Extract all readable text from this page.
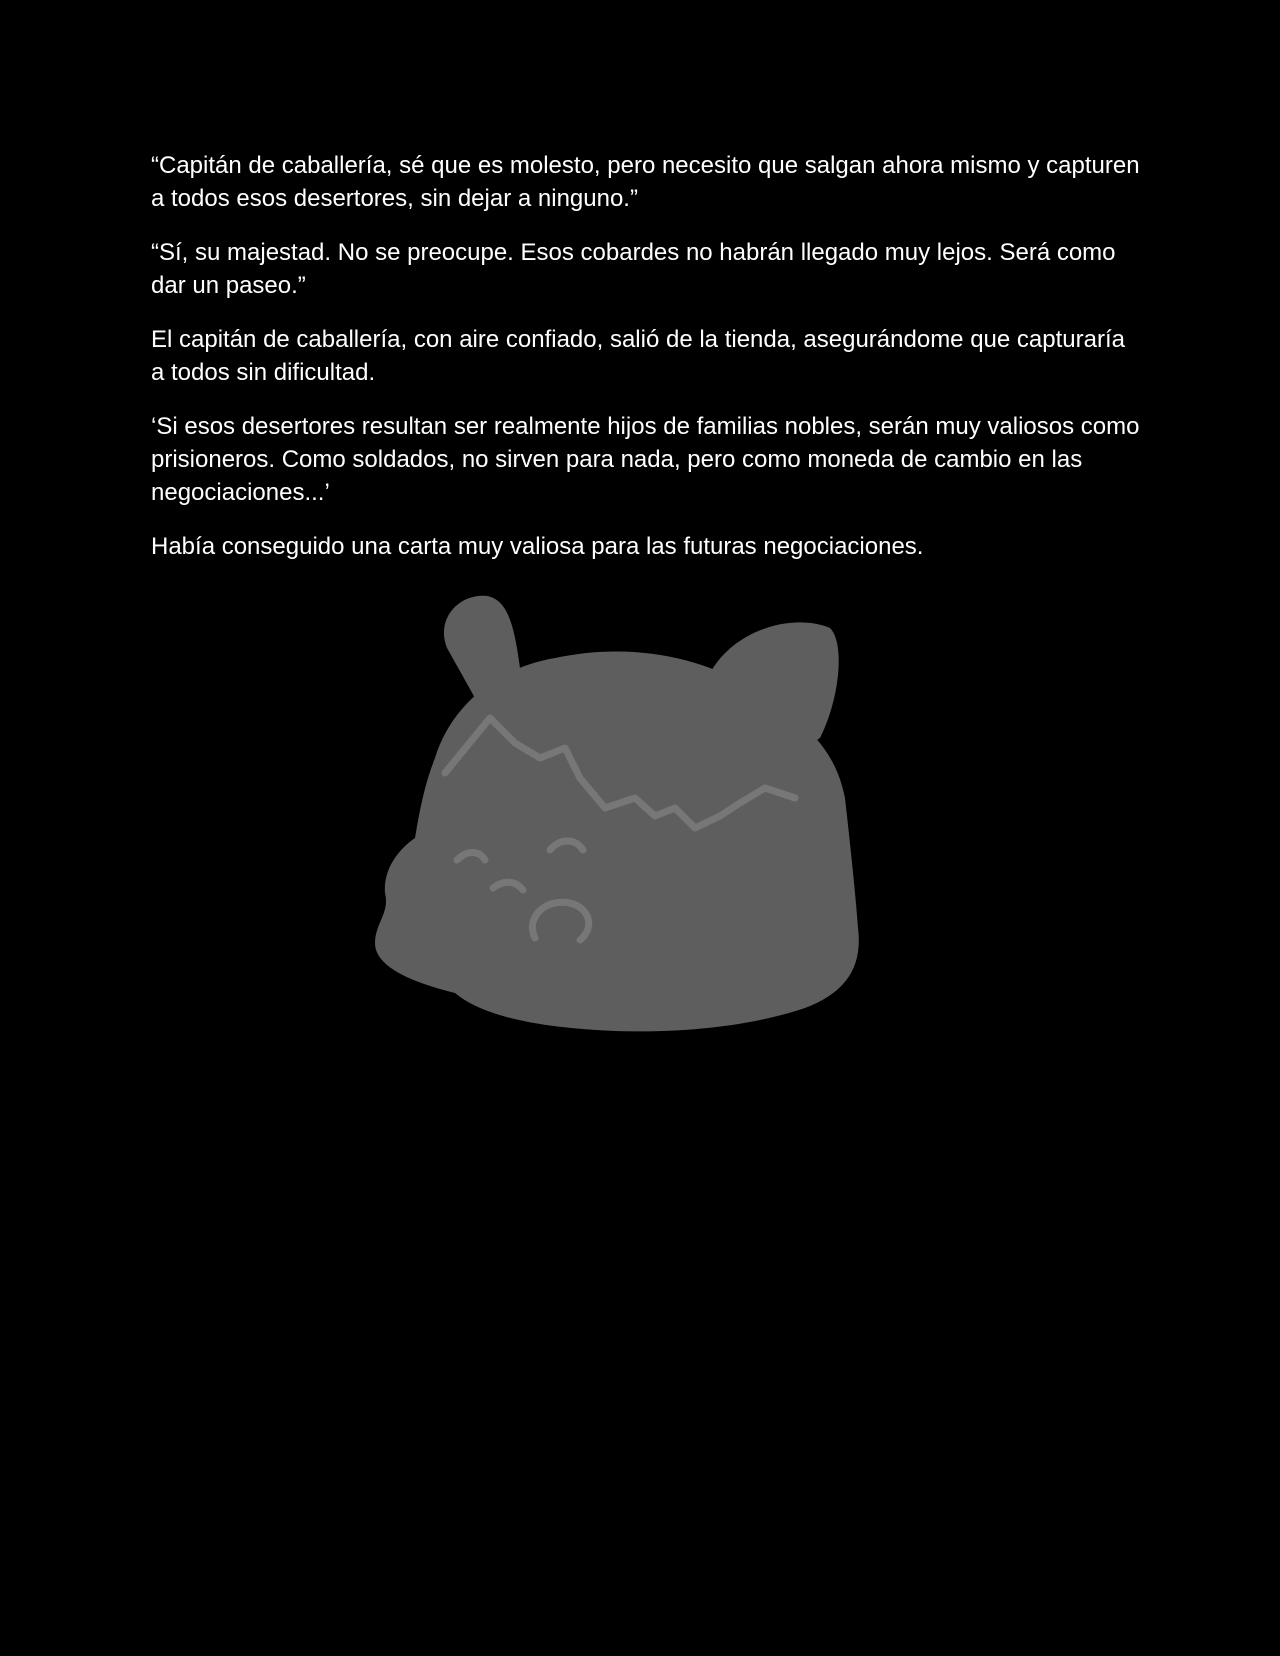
“Capitán de caballería, sé que es molesto, pero necesito que salgan ahora mismo y capturen a todos esos desertores, sin dejar a ninguno.”

“Sí, su majestad. No se preocupe. Esos cobardes no habrán llegado muy lejos. Será como dar un paseo.”

El capitán de caballería, con aire confiado, salió de la tienda, asegurándome que capturaría a todos sin dificultad.

‘Si esos desertores resultan ser realmente hijos de familias nobles, serán muy valiosos como prisioneros. Como soldados, no sirven para nada, pero como moneda de cambio en las negociaciones...’

Había conseguido una carta muy valiosa para las futuras negociaciones.
